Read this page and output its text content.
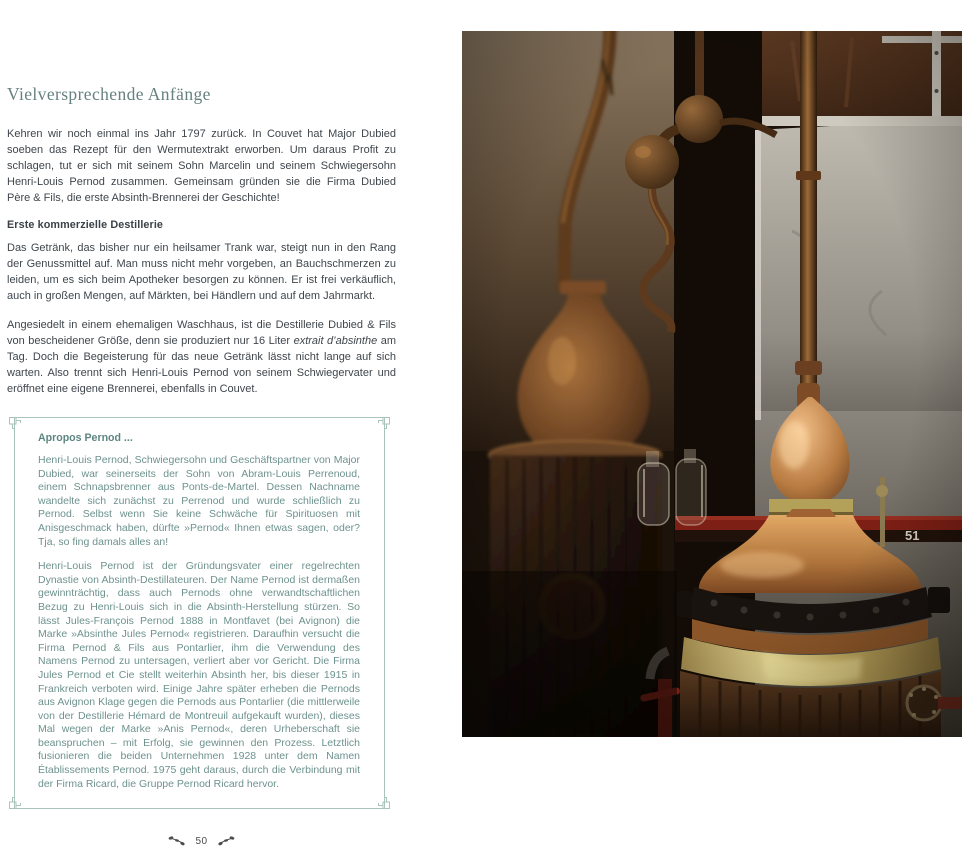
Vielversprechende Anfänge

Kehren wir noch einmal ins Jahr 1797 zurück. In Couvet hat Major Dubied soeben das Rezept für den Wermutextrakt erworben. Um daraus Profit zu schlagen, tut er sich mit seinem Sohn Marcelin und seinem Schwiegersohn Henri-Louis Pernod zusammen. Gemeinsam gründen sie die Firma Dubied Père & Fils, die erste Absinth-Brennerei der Geschichte!

Erste kommerzielle Destillerie

Das Getränk, das bisher nur ein heilsamer Trank war, steigt nun in den Rang der Genussmittel auf. Man muss nicht mehr vorgeben, an Bauchschmerzen zu leiden, um es sich beim Apotheker besorgen zu können. Er ist frei verkäuflich, auch in großen Mengen, auf Märkten, bei Händlern und auf dem Jahrmarkt.

Angesiedelt in einem ehemaligen Waschhaus, ist die Destillerie Dubied & Fils von bescheidener Größe, denn sie produziert nur 16 Liter extrait d’absinthe am Tag. Doch die Begeisterung für das neue Getränk lässt nicht lange auf sich warten. Also trennt sich Henri-Louis Pernod von seinem Schwiegervater und eröffnet eine eigene Brennerei, ebenfalls in Couvet.

Apropos Pernod ...

Henri-Louis Pernod, Schwiegersohn und Geschäftspartner von Major Dubied, war seinerseits der Sohn von Abram-Louis Perrenoud, einem Schnapsbrenner aus Ponts-de-Martel. Dessen Nachname wandelte sich zunächst zu Perrenod und wurde schließlich zu Pernod. Selbst wenn Sie keine Schwäche für Spirituosen mit Anisgeschmack haben, dürfte »Pernod« Ihnen etwas sagen, oder? Tja, so fing damals alles an!

Henri-Louis Pernod ist der Gründungsvater einer regelrechten Dynastie von Absinth-Destillateuren. Der Name Pernod ist dermaßen gewinnträchtig, dass auch Pernods ohne verwandtschaftlichen Bezug zu Henri-Louis sich in die Absinth-Herstellung stürzen. So lässt Jules-François Pernod 1888 in Montfavet (bei Avignon) die Marke »Absinthe Jules Pernod« registrieren. Daraufhin versucht die Firma Pernod & Fils aus Pontarlier, ihm die Verwendung des Namens Pernod zu untersagen, verliert aber vor Gericht. Die Firma Jules Pernod et Cie stellt weiterhin Absinth her, bis dieser 1915 in Frankreich verboten wird. Einige Jahre später erheben die Pernods aus Avignon Klage gegen die Pernods aus Pontarlier (die mittlerweile von der Destillerie Hémard de Montreuil aufgekauft wurden), dieses Mal wegen der Marke »Anis Pernod«, deren Urheberschaft sie beanspruchen – mit Erfolg, sie gewinnen den Prozess. Letztlich fusionieren die beiden Unternehmen 1928 unter dem Namen Établissements Pernod. 1975 geht daraus, durch die Verbindung mit der Firma Ricard, die Gruppe Pernod Ricard hervor.

50
